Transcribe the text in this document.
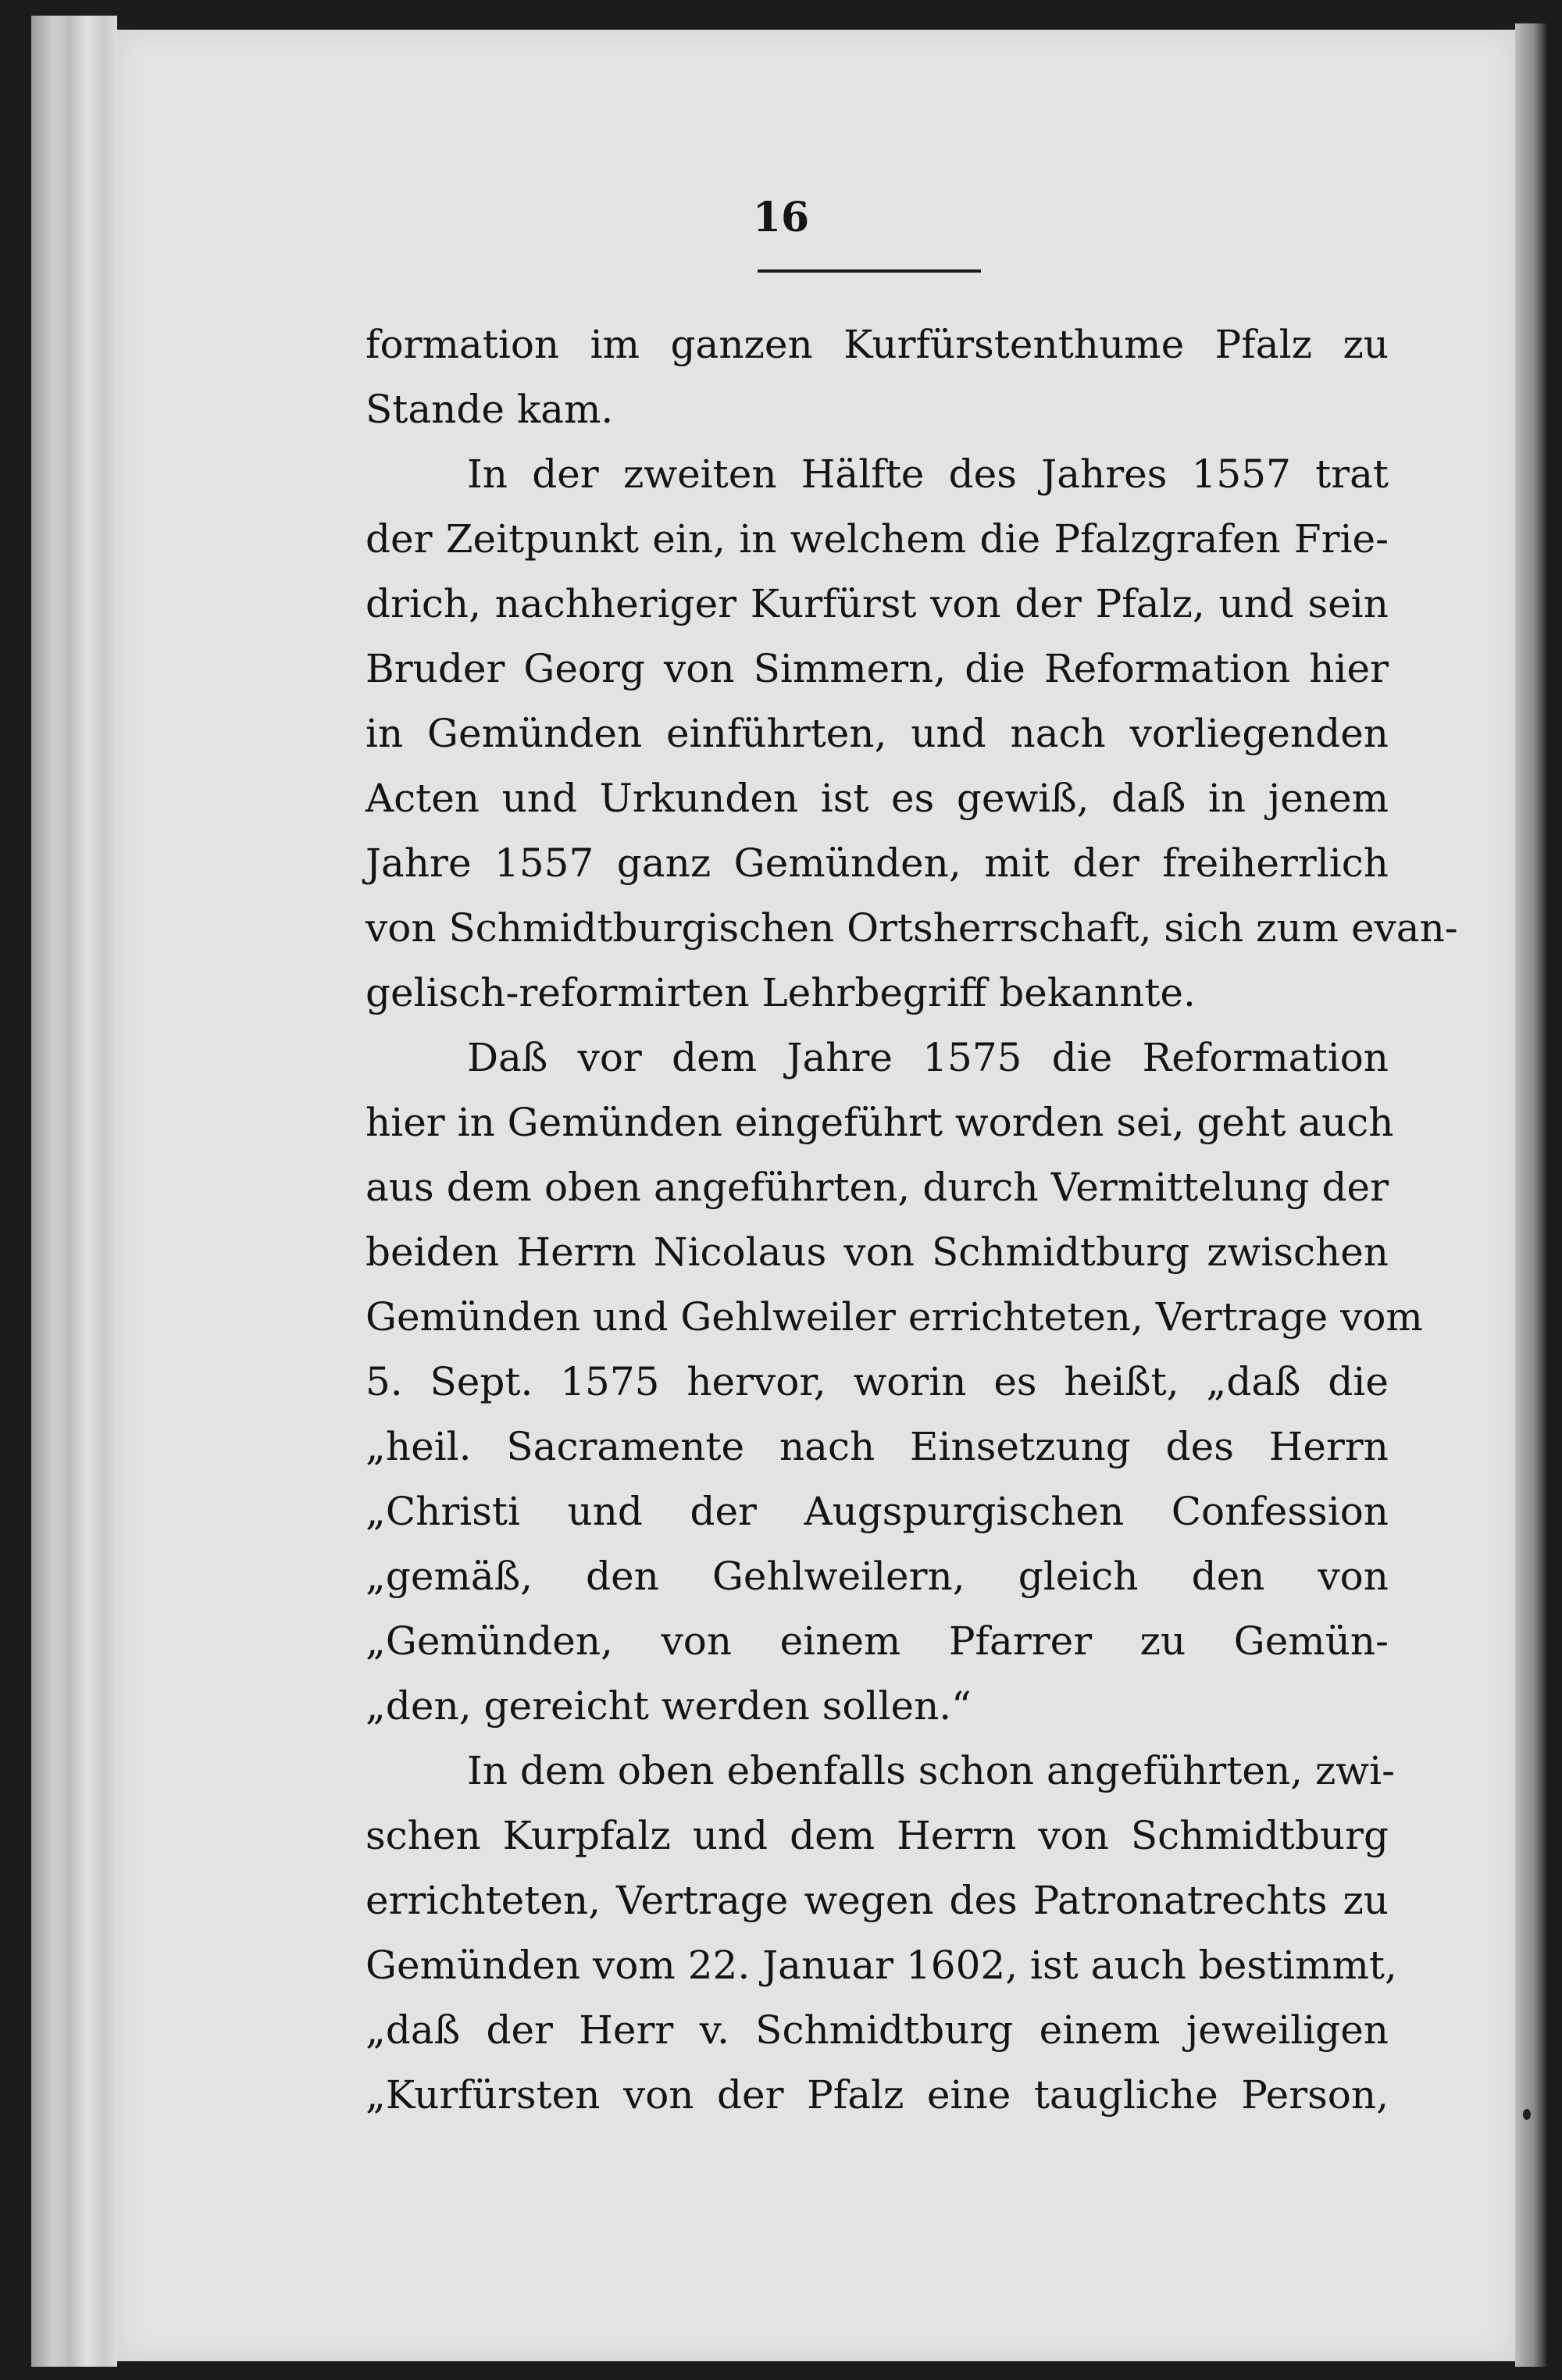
16
formation im ganzen Kurfürstenthume Pfalz zu
Stande kam.
In der zweiten Hälfte des Jahres 1557 trat
der Zeitpunkt ein, in welchem die Pfalzgrafen Frie-
drich, nachheriger Kurfürst von der Pfalz, und sein
Bruder Georg von Simmern, die Reformation hier
in Gemünden einführten, und nach vorliegenden
Acten und Urkunden ist es gewiß, daß in jenem
Jahre 1557 ganz Gemünden, mit der freiherrlich
von Schmidtburgischen Ortsherrschaft, sich zum evan-
gelisch-reformirten Lehrbegriff bekannte.
Daß vor dem Jahre 1575 die Reformation
hier in Gemünden eingeführt worden sei, geht auch
aus dem oben angeführten, durch Vermittelung der
beiden Herrn Nicolaus von Schmidtburg zwischen
Gemünden und Gehlweiler errichteten, Vertrage vom
5. Sept. 1575 hervor, worin es heißt, „daß die
„heil. Sacramente nach Einsetzung des Herrn
„Christi und der Augspurgischen Confession
„gemäß, den Gehlweilern, gleich den von
„Gemünden, von einem Pfarrer zu Gemün-
„den, gereicht werden sollen.“
In dem oben ebenfalls schon angeführten, zwi-
schen Kurpfalz und dem Herrn von Schmidtburg
errichteten, Vertrage wegen des Patronatrechts zu
Gemünden vom 22. Januar 1602, ist auch bestimmt,
„daß der Herr v. Schmidtburg einem jeweiligen
„Kurfürsten von der Pfalz eine taugliche Person,
